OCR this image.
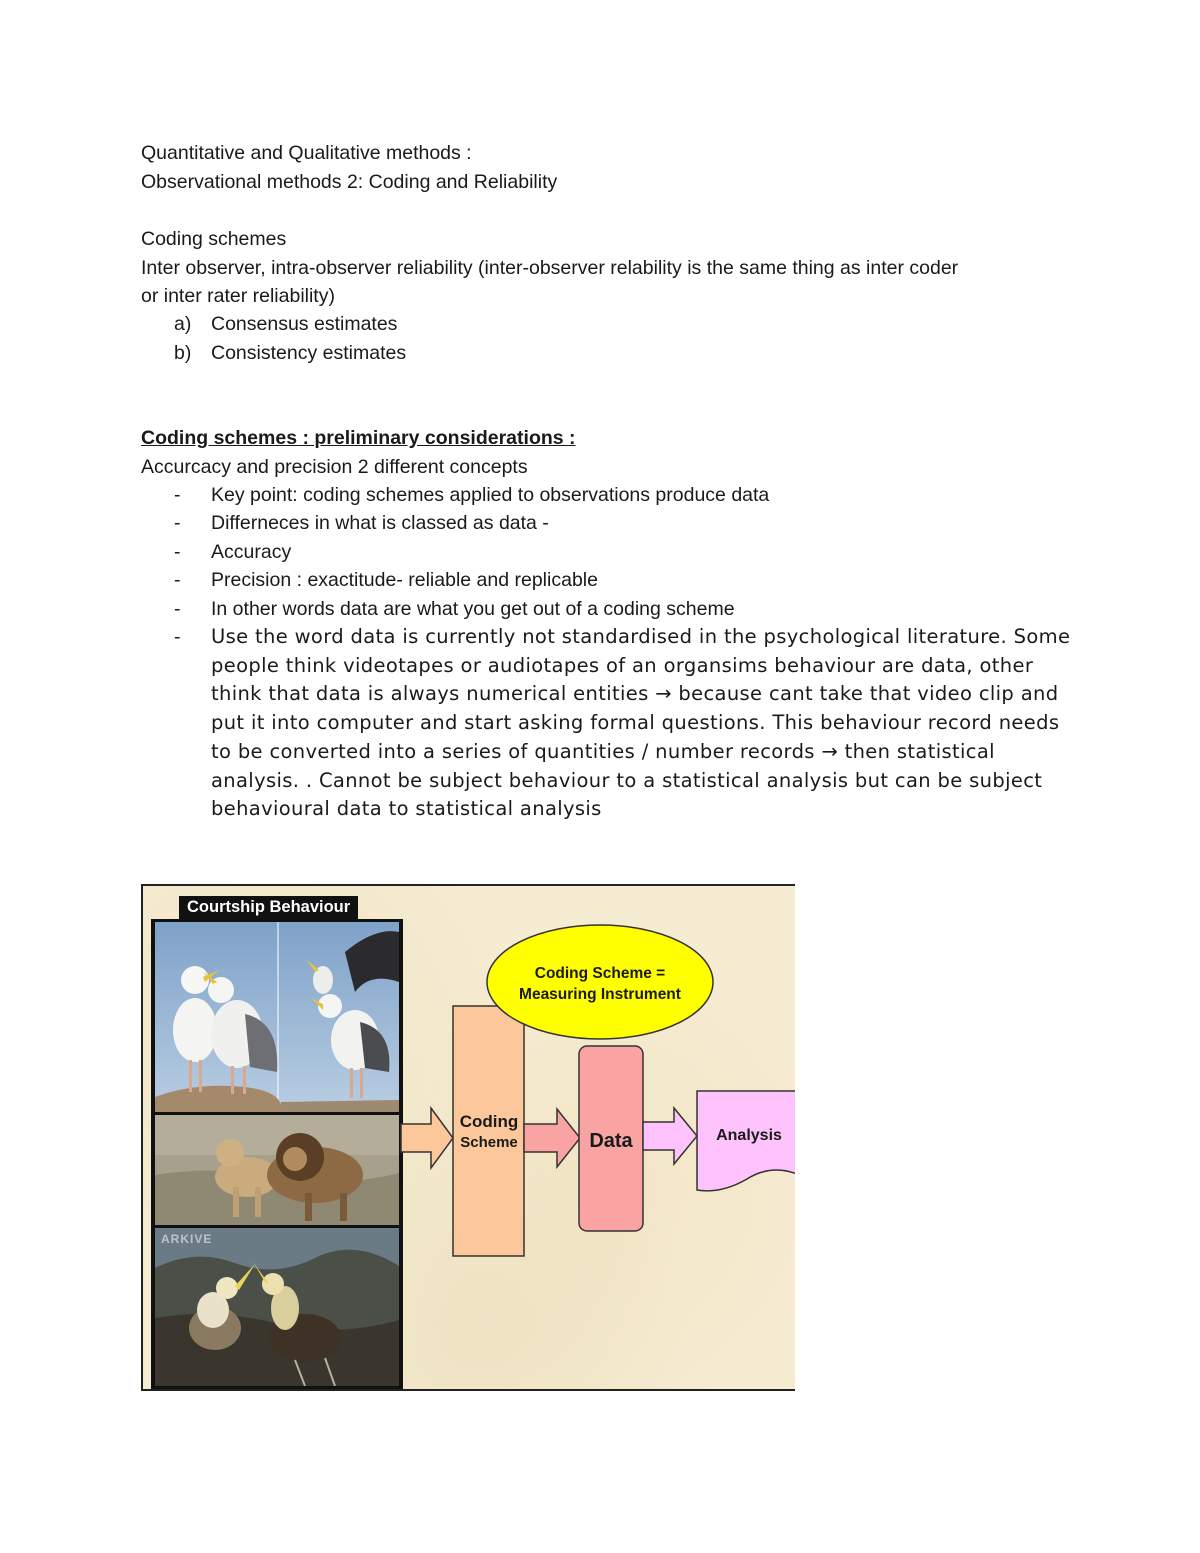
Quantitative and Qualitative methods :
Observational methods 2: Coding and Reliability
Coding schemes
Inter observer, intra-observer reliability (inter-observer relability is the same thing as inter coder
or inter rater reliability)
a)	Consensus estimates
b)	Consistency estimates
Coding schemes : preliminary considerations :
Accurcacy and precision 2 different concepts
-	Key point: coding schemes applied to observations produce data
-	Differneces in what is classed as data -
-	Accuracy
-	Precision : exactitude- reliable and replicable
-	In other words data are what you get out of a coding scheme
- Use the word data is currently not standardised in the psychological literature. Some people think videotapes or audiotapes of an organsims behaviour are data, other think that data is always numerical entities → because cant take that video clip and put it into computer and start asking formal questions. This behaviour record needs to be converted into a series of quantities / number records → then statistical analysis. . Cannot be subject behaviour to a statistical analysis but can be subject behavioural data to statistical analysis
Courtship Behaviour
ARKIVE
Coding Scheme =
Measuring Instrument
Coding
Scheme	Data	Analysis
